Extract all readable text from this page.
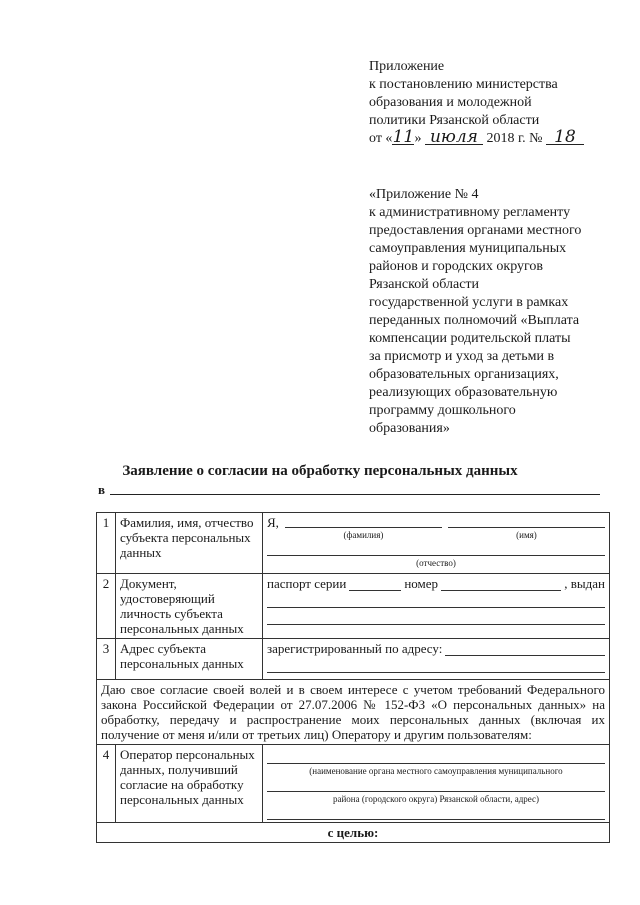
Приложение
к постановлению министерства
образования и молодежной
политики Рязанской области
от «11» июля 2018 г. № 18
«Приложение № 4
к административному регламенту
предоставления органами местного
самоуправления муниципальных
районов и городских округов
Рязанской области
государственной услуги в рамках
переданных полномочий «Выплата
компенсации родительской платы
за присмотр и уход за детьми в
образовательных организациях,
реализующих образовательную
программу дошкольного
образования»
Заявление о согласии на обработку персональных данных
в
1	Фамилия, имя, отчество субъекта персональных данных	Я,
(фамилия) (имя)
(отчество)

2	Документ, удостоверяющий личность субъекта персональных данных	паспорт серии номер , выдан

3	Адрес субъекта персональных данных	зарегистрированный по адресу:

Даю свое согласие своей волей и в своем интересе с учетом требований Федерального закона Российской Федерации от 27.07.2006 № 152-ФЗ «О персональных данных» на обработку, передачу и распространение моих персональных данных (включая их получение от меня и/или от третьих лиц) Оператору и другим пользователям:		
4	Оператор персональных данных, получивший согласие на обработку персональных данных	(наименование органа местного самоуправления муниципального
района (городского округа) Рязанской области, адрес)

с целью:		
